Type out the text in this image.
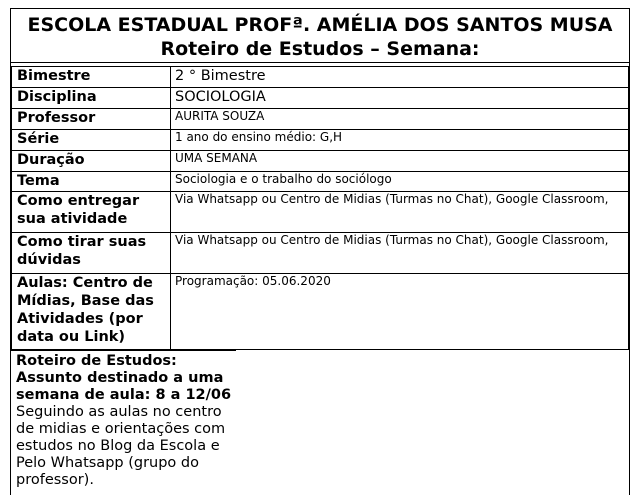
ESCOLA ESTADUAL PROFª. AMÉLIA DOS SANTOS MUSA
Roteiro de Estudos – Semana:
Bimestre	2 ° Bimestre
Disciplina	SOCIOLOGIA
Professor	AURITA SOUZA
Série	1 ano do ensino médio: G,H
Duração	UMA SEMANA
Tema	Sociologia e o trabalho do sociólogo
Como entregar sua atividade	Via Whatsapp ou Centro de Midias (Turmas no Chat), Google Classroom,
Como tirar suas dúvidas	Via Whatsapp ou Centro de Midias (Turmas no Chat), Google Classroom,
Aulas: Centro de Mídias, Base das Atividades (por data ou Link)	Programação: 05.06.2020
Roteiro de Estudos:
Assunto destinado a uma semana de aula: 8 a 12/06
Seguindo as aulas no centro de midias e orientações com estudos no Blog da Escola e Pelo Whatsapp (grupo do professor).
